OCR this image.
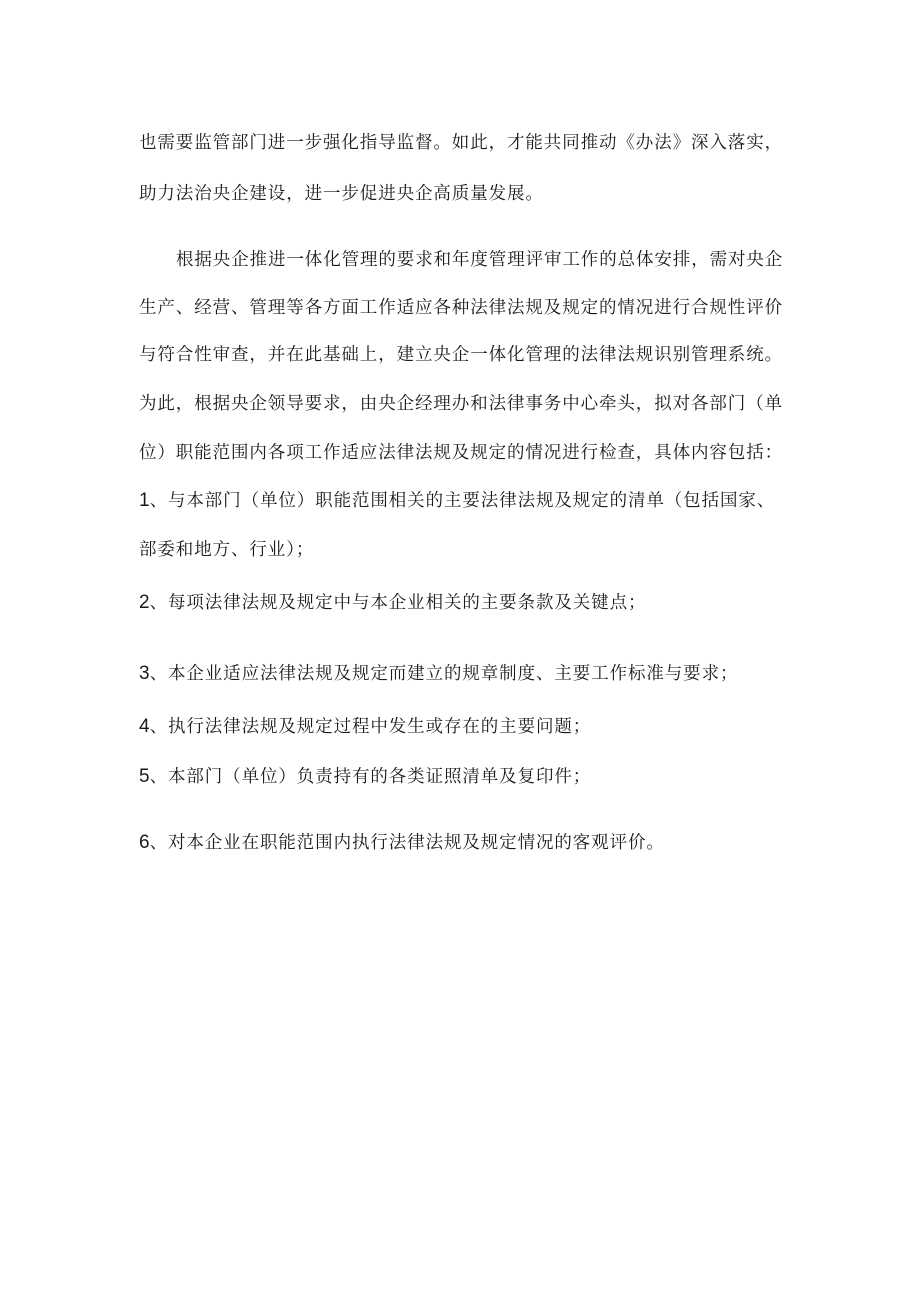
也需要监管部门进一步强化指导监督。如此，才能共同推动《办法》深入落实，
助力法治央企建设，进一步促进央企高质量发展。
根据央企推进一体化管理的要求和年度管理评审工作的总体安排，需对央企
生产、经营、管理等各方面工作适应各种法律法规及规定的情况进行合规性评价
与符合性审查，并在此基础上，建立央企一体化管理的法律法规识别管理系统。
为此，根据央企领导要求，由央企经理办和法律事务中心牵头，拟对各部门（单
位）职能范围内各项工作适应法律法规及规定的情况进行检查，具体内容包括：
1、与本部门（单位）职能范围相关的主要法律法规及规定的清单（包括国家、
部委和地方、行业）；
2、每项法律法规及规定中与本企业相关的主要条款及关键点；
3、本企业适应法律法规及规定而建立的规章制度、主要工作标准与要求；
4、执行法律法规及规定过程中发生或存在的主要问题；
5、本部门（单位）负责持有的各类证照清单及复印件；
6、对本企业在职能范围内执行法律法规及规定情况的客观评价。
